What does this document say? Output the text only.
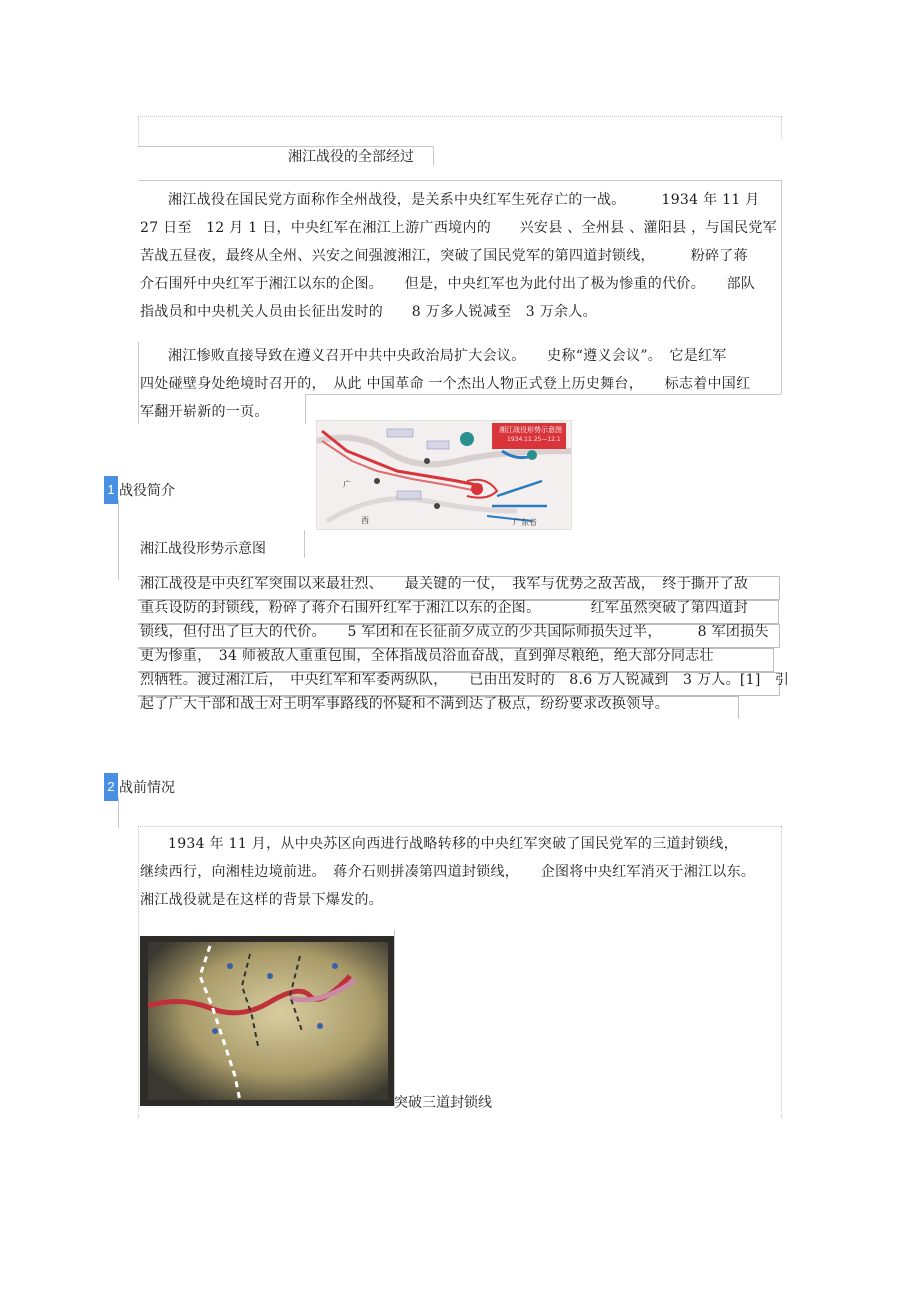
湘江战役的全部经过
湘江战役在国民党方面称作全州战役，是关系中央红军生死存亡的一战。　　　1934 年 11 月
27 日至　12 月 1 日，中央红军在湘江上游广西境内的　　兴安县 、全州县 、灌阳县 ，与国民党军
苦战五昼夜，最终从全州、兴安之间强渡湘江，突破了国民党军的第四道封锁线，　　　粉碎了蒋
介石围歼中央红军于湘江以东的企图。　　但是，中央红军也为此付出了极为惨重的代价。　　部队
指战员和中央机关人员由长征出发时的　　8 万多人锐减至　3 万余人。
湘江惨败直接导致在遵义召开中共中央政治局扩大会议。　　史称“遵义会议”。　它是红军
四处碰壁身处绝境时召开的，　从此 中国革命 一个杰出人物正式登上历史舞台，　　标志着中国红
军翻开崭新的一页。
湘江战役形势示意图
1934.11.25—12.1
广
西	广东省
1 战役简介
湘江战役形势示意图
湘江战役是中央红军突围以来最壮烈、　　最关键的一仗，　我军与优势之敌苦战，　终于撕开了敌
重兵设防的封锁线，粉碎了蒋介石围歼红军于湘江以东的企图。　　　　红军虽然突破了第四道封
锁线，但付出了巨大的代价。　　5 军团和在长征前夕成立的少共国际师损失过半，　　　8 军团损失
更为惨重，　34 师被敌人重重包围，全体指战员浴血奋战，直到弹尽粮绝，绝大部分同志壮
烈牺牲。渡过湘江后，　中央红军和军委两纵队，　　已由出发时的　8.6 万人锐减到　3 万人。[1]　引
起了广大干部和战士对王明军事路线的怀疑和不满到达了极点，纷纷要求改换领导。
2 战前情况
1934 年 11 月，从中央苏区向西进行战略转移的中央红军突破了国民党军的三道封锁线，
继续西行，向湘桂边境前进。　蒋介石则拼凑第四道封锁线，　　企图将中央红军消灭于湘江以东。
湘江战役就是在这样的背景下爆发的。
突破三道封锁线
